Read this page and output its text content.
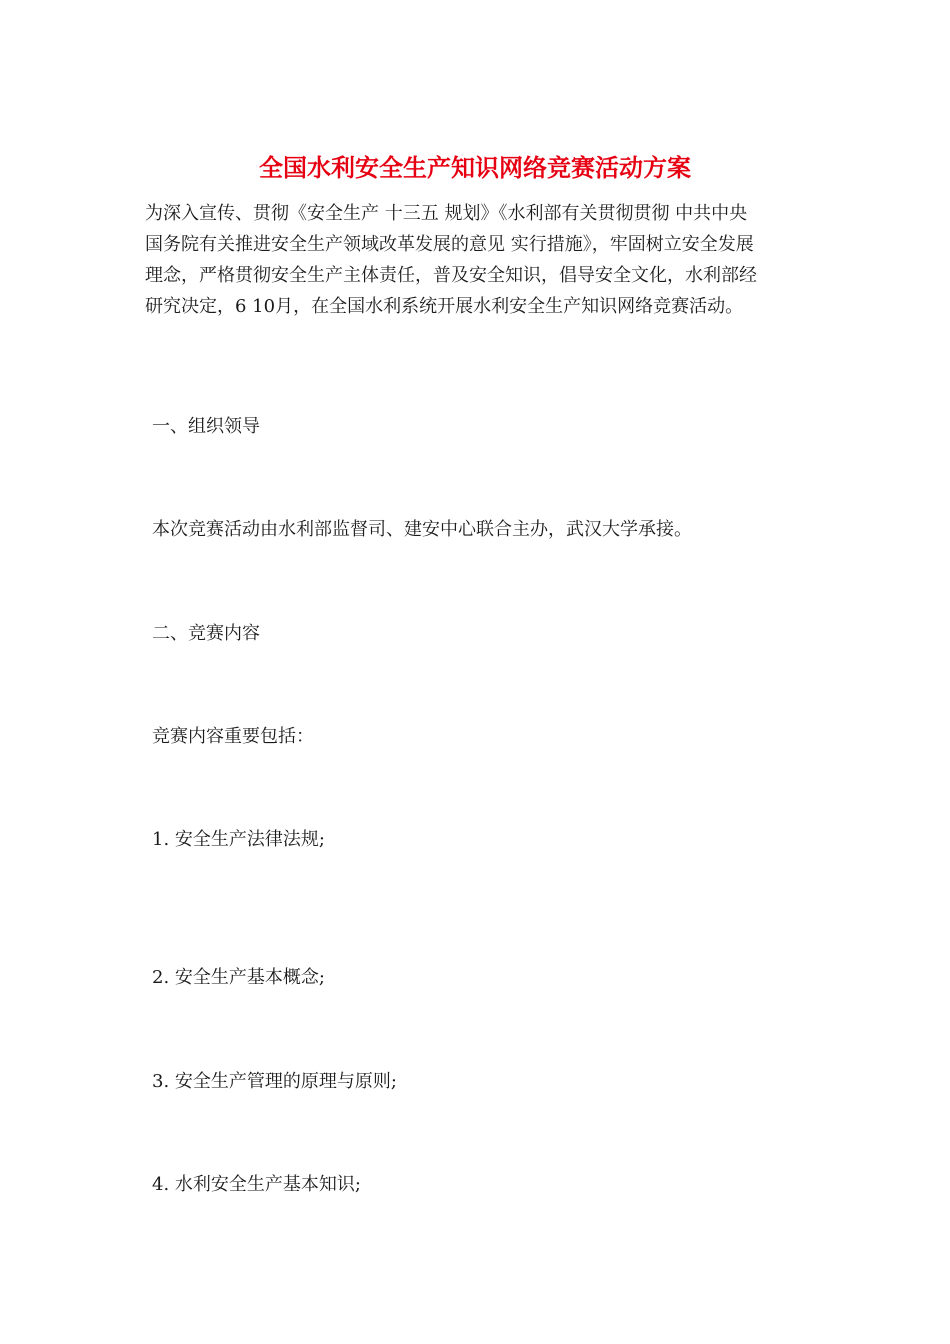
全国水利安全生产知识网络竞赛活动方案
为深入宣传、贯彻《安全生产 十三五 规划》《水利部有关贯彻贯彻 中共中央
国务院有关推进安全生产领域改革发展的意见 实行措施》，牢固树立安全发展
理念，严格贯彻安全生产主体责任，普及安全知识，倡导安全文化，水利部经
研究决定，6 10月，在全国水利系统开展水利安全生产知识网络竞赛活动。
一、组织领导
本次竞赛活动由水利部监督司、建安中心联合主办，武汉大学承接。
二、竞赛内容
竞赛内容重要包括：
1. 安全生产法律法规;
2. 安全生产基本概念;
3. 安全生产管理的原理与原则;
4. 水利安全生产基本知识;
